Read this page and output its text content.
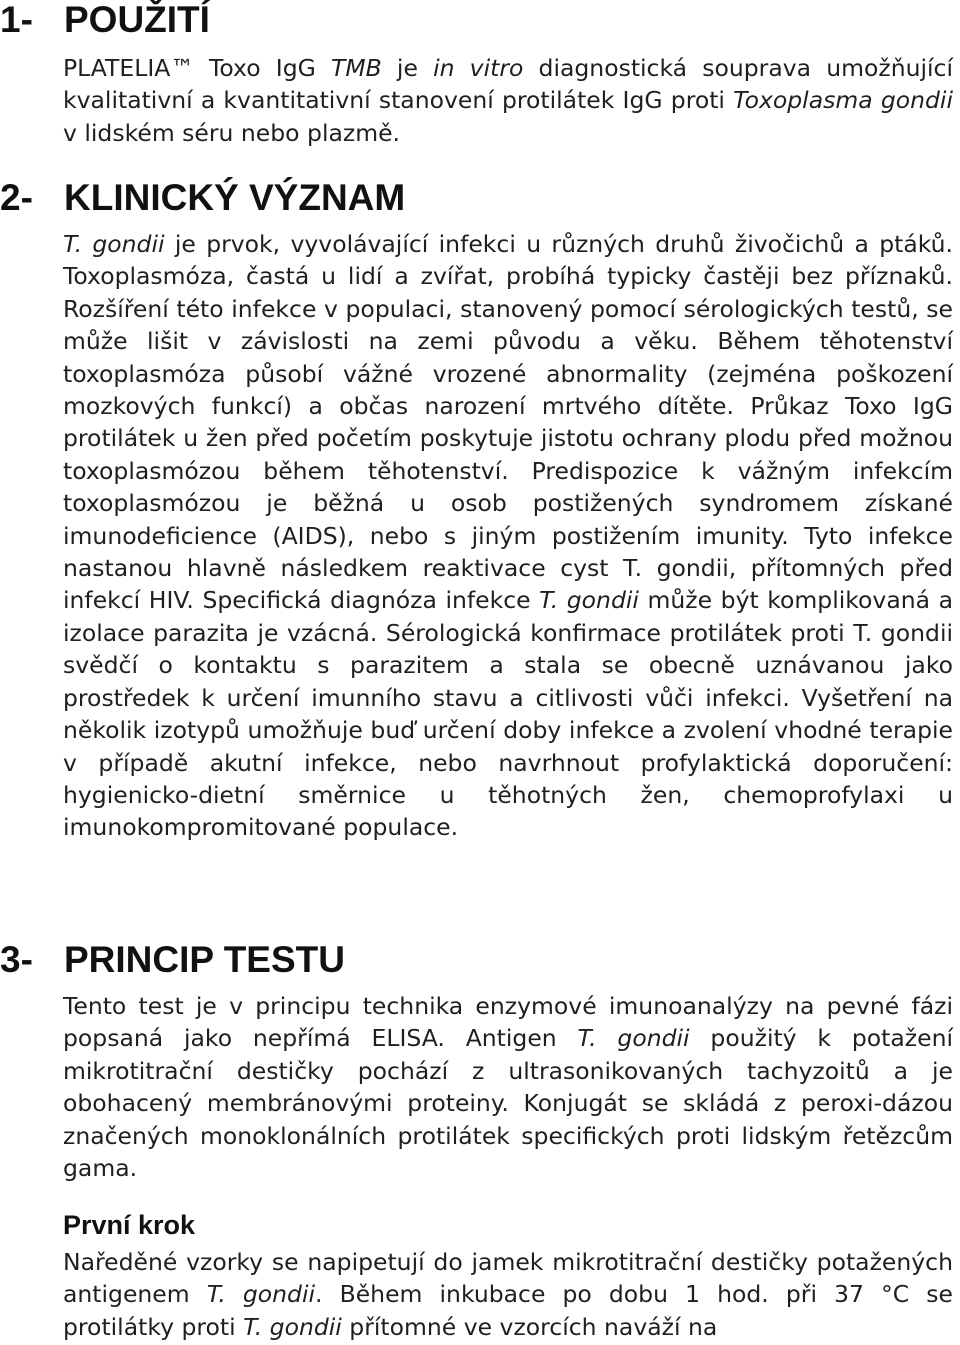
1- POUŽITÍ
PLATELIA™ Toxo IgG TMB je in vitro diagnostická souprava umožňující kvalitativní a kvantitativní stanovení protilátek IgG proti Toxoplasma gondii v lidském séru nebo plazmě.
2- KLINICKÝ VÝZNAM
T. gondii je prvok, vyvolávající infekci u různých druhů živočichů a ptáků. Toxoplasmóza, častá u lidí a zvířat, probíhá typicky častěji bez příznaků. Rozšíření této infekce v populaci, stanovený pomocí sérologických testů, se může lišit v závislosti na zemi původu a věku. Během těhotenství toxoplasmóza působí vážné vrozené abnormality (zejména poškození mozkových funkcí) a občas narození mrtvého dítěte. Průkaz Toxo IgG protilátek u žen před početím poskytuje jistotu ochrany plodu před možnou toxoplasmózou během těhotenství. Predispozice k vážným infekcím toxoplasmózou je běžná u osob postižených syndromem získané imunodeficience (AIDS), nebo s jiným postižením imunity. Tyto infekce nastanou hlavně následkem reaktivace cyst T. gondii, přítomných před infekcí HIV. Specifická diagnóza infekce T. gondii může být komplikovaná a izolace parazita je vzácná. Sérologická konfirmace protilátek proti T. gondii svědčí o kontaktu s parazitem a stala se obecně uznávanou jako prostředek k určení imunního stavu a citlivosti vůči infekci. Vyšetření na několik izotypů umožňuje buď určení doby infekce a zvolení vhodné terapie v případě akutní infekce, nebo navrhnout profylaktická doporučení: hygienicko-dietní směrnice u těhotných žen, chemoprofylaxi u imunokompromitované populace.
3- PRINCIP TESTU
Tento test je v principu technika enzymové imunoanalýzy na pevné fázi popsaná jako nepřímá ELISA. Antigen T. gondii použitý k potažení mikrotitrační destičky pochází z ultrasonikovaných tachyzoitů a je obohacený membránovými proteiny. Konjugát se skládá z peroxi-dázou značených monoklonálních protilátek specifických proti lidským řetězcům gama.
První krok
Naředěné vzorky se napipetují do jamek mikrotitrační destičky potažených antigenem T. gondii. Během inkubace po dobu 1 hod. při 37 °C se protilátky proti T. gondii přítomné ve vzorcích naváží na
